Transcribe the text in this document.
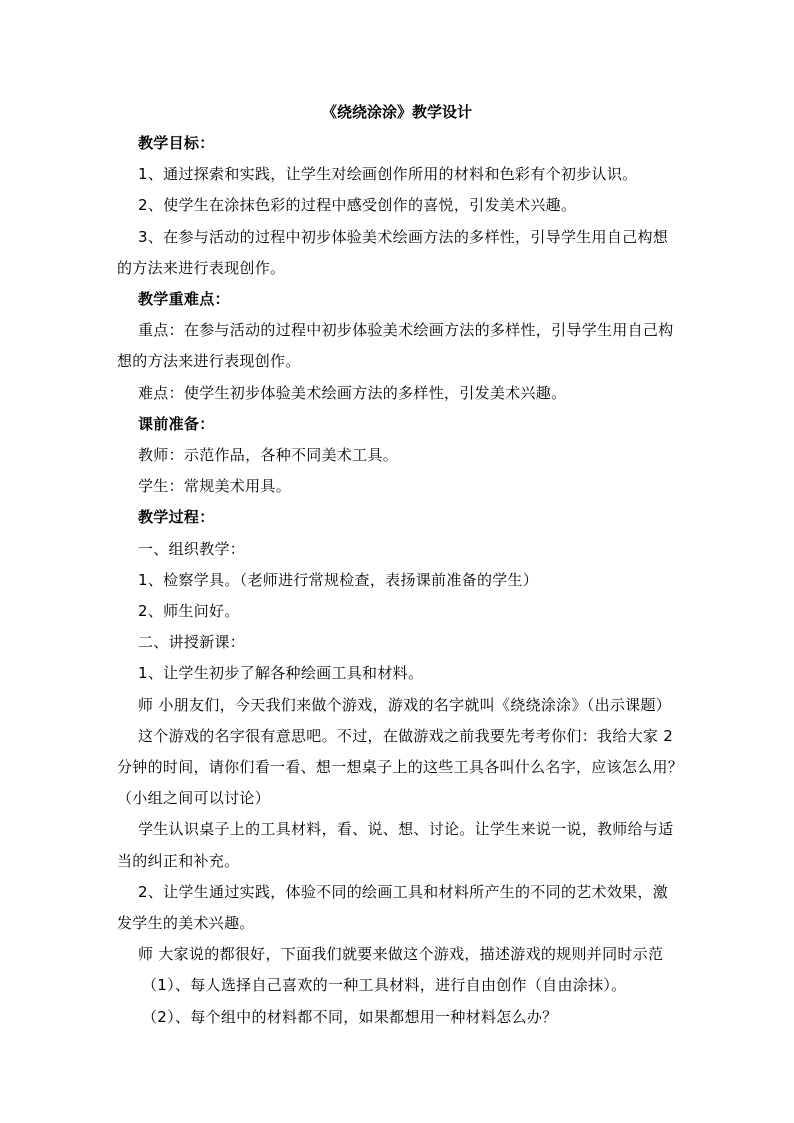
《绕绕涂涂》教学设计
教学目标：
1、通过探索和实践，让学生对绘画创作所用的材料和色彩有个初步认识。
2、使学生在涂抹色彩的过程中感受创作的喜悦，引发美术兴趣。
3、在参与活动的过程中初步体验美术绘画方法的多样性，引导学生用自己构想
的方法来进行表现创作。
教学重难点：
重点：在参与活动的过程中初步体验美术绘画方法的多样性，引导学生用自己构
想的方法来进行表现创作。
难点：使学生初步体验美术绘画方法的多样性，引发美术兴趣。
课前准备：
教师：示范作品，各种不同美术工具。
学生：常规美术用具。
教学过程：
一、组织教学：
1、检察学具。（老师进行常规检查，表扬课前准备的学生）
2、师生问好。
二、讲授新课：
1、让学生初步了解各种绘画工具和材料。
师 小朋友们，今天我们来做个游戏，游戏的名字就叫《绕绕涂涂》（出示课题）
这个游戏的名字很有意思吧。不过，在做游戏之前我要先考考你们：我给大家 2
分钟的时间，请你们看一看、想一想桌子上的这些工具各叫什么名字，应该怎么用？
（小组之间可以讨论）
学生认识桌子上的工具材料，看、说、想、讨论。让学生来说一说，教师给与适
当的纠正和补充。
2、让学生通过实践，体验不同的绘画工具和材料所产生的不同的艺术效果，激
发学生的美术兴趣。
师 大家说的都很好，下面我们就要来做这个游戏，描述游戏的规则并同时示范
（1）、每人选择自己喜欢的一种工具材料，进行自由创作（自由涂抹）。
（2）、每个组中的材料都不同，如果都想用一种材料怎么办？
